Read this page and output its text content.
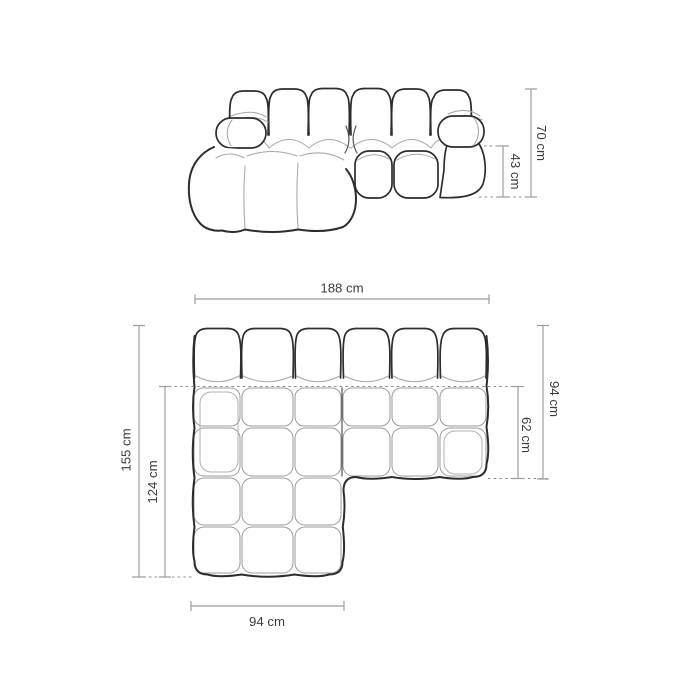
70 cm
43 cm
188 cm
94 cm
62 cm
155 cm
124 cm
94 cm
